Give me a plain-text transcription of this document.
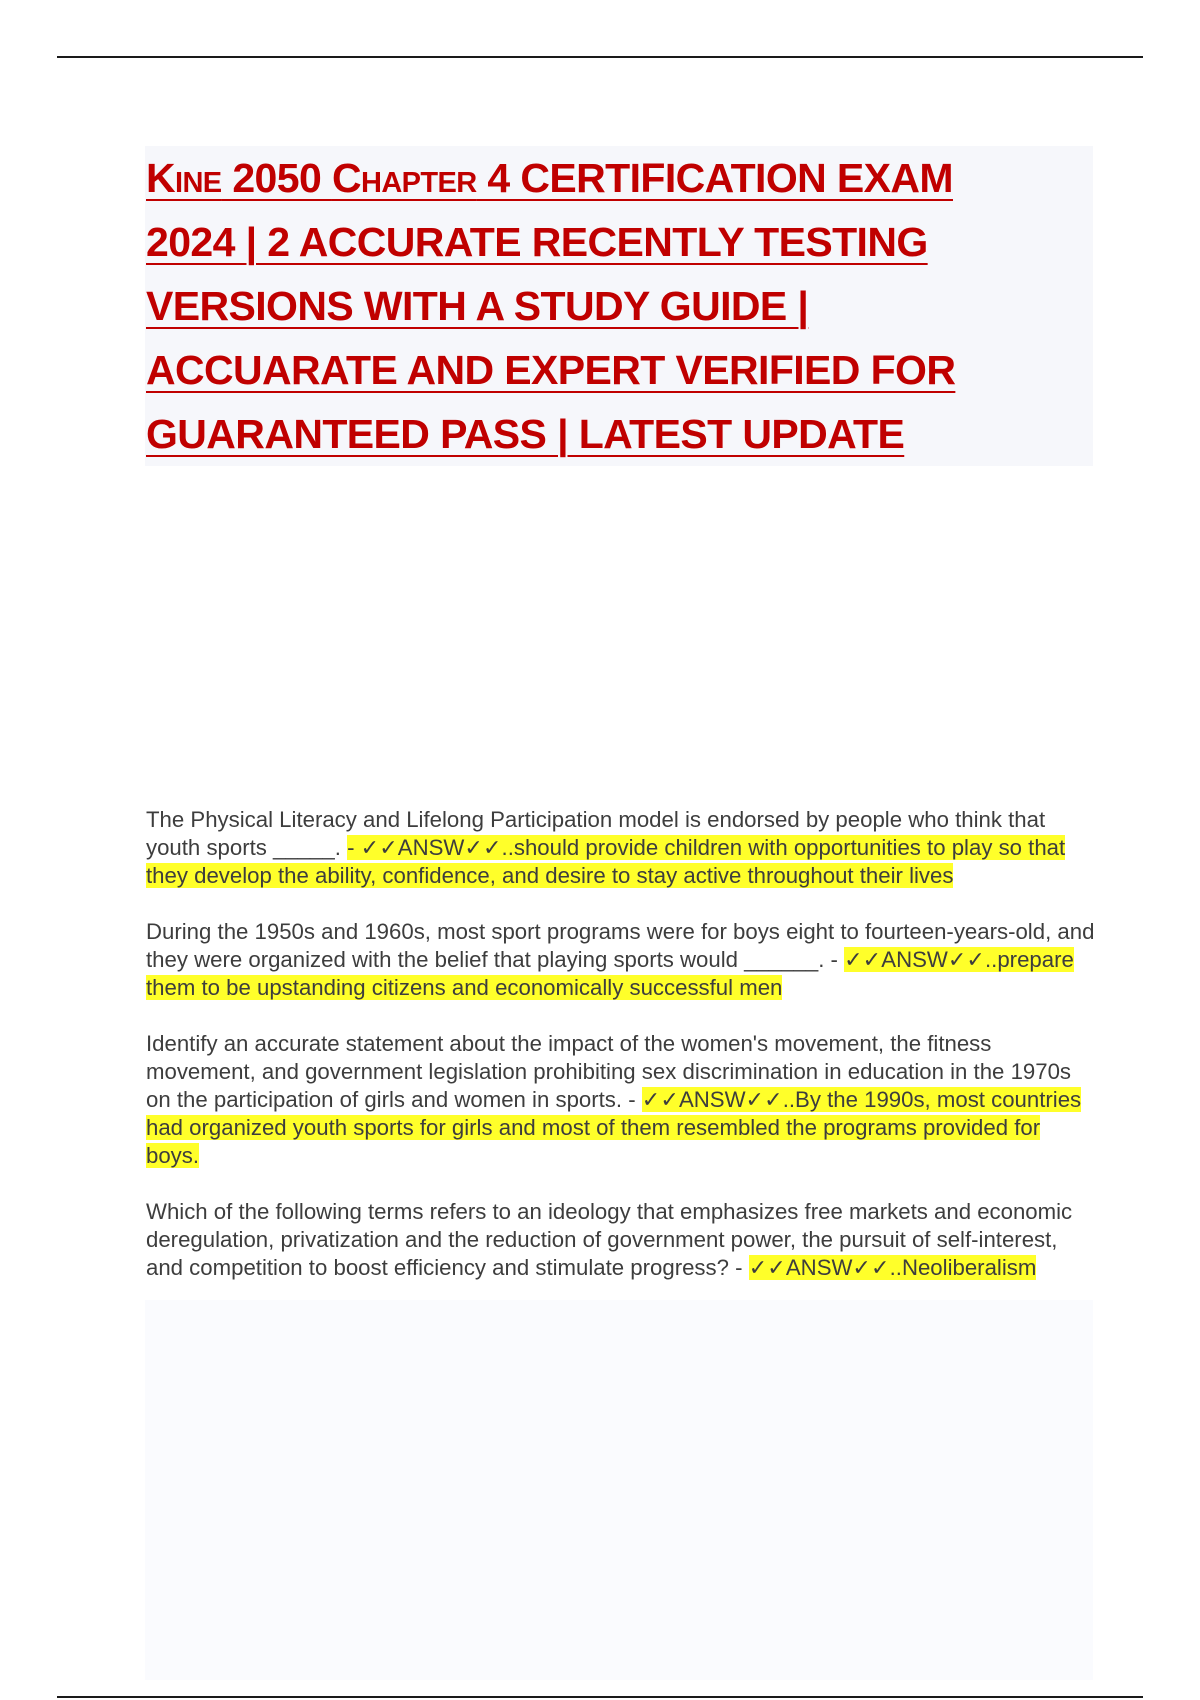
Kine 2050 Chapter 4 CERTIFICATION EXAM
2024 | 2 ACCURATE RECENTLY TESTING
VERSIONS WITH A STUDY GUIDE |
ACCUARATE AND EXPERT VERIFIED FOR
GUARANTEED PASS | LATEST UPDATE

The Physical Literacy and Lifelong Participation model is endorsed by people who think that youth sports _____. - ✓✓ANSW✓✓..should provide children with opportunities to play so that they develop the ability, confidence, and desire to stay active throughout their lives

During the 1950s and 1960s, most sport programs were for boys eight to fourteen-years-old, and they were organized with the belief that playing sports would ______. - ✓✓ANSW✓✓..prepare them to be upstanding citizens and economically successful men

Identify an accurate statement about the impact of the women's movement, the fitness movement, and government legislation prohibiting sex discrimination in education in the 1970s on the participation of girls and women in sports. - ✓✓ANSW✓✓..By the 1990s, most countries had organized youth sports for girls and most of them resembled the programs provided for boys.

Which of the following terms refers to an ideology that emphasizes free markets and economic deregulation, privatization and the reduction of government power, the pursuit of self-interest, and competition to boost efficiency and stimulate progress? - ✓✓ANSW✓✓..Neoliberalism
